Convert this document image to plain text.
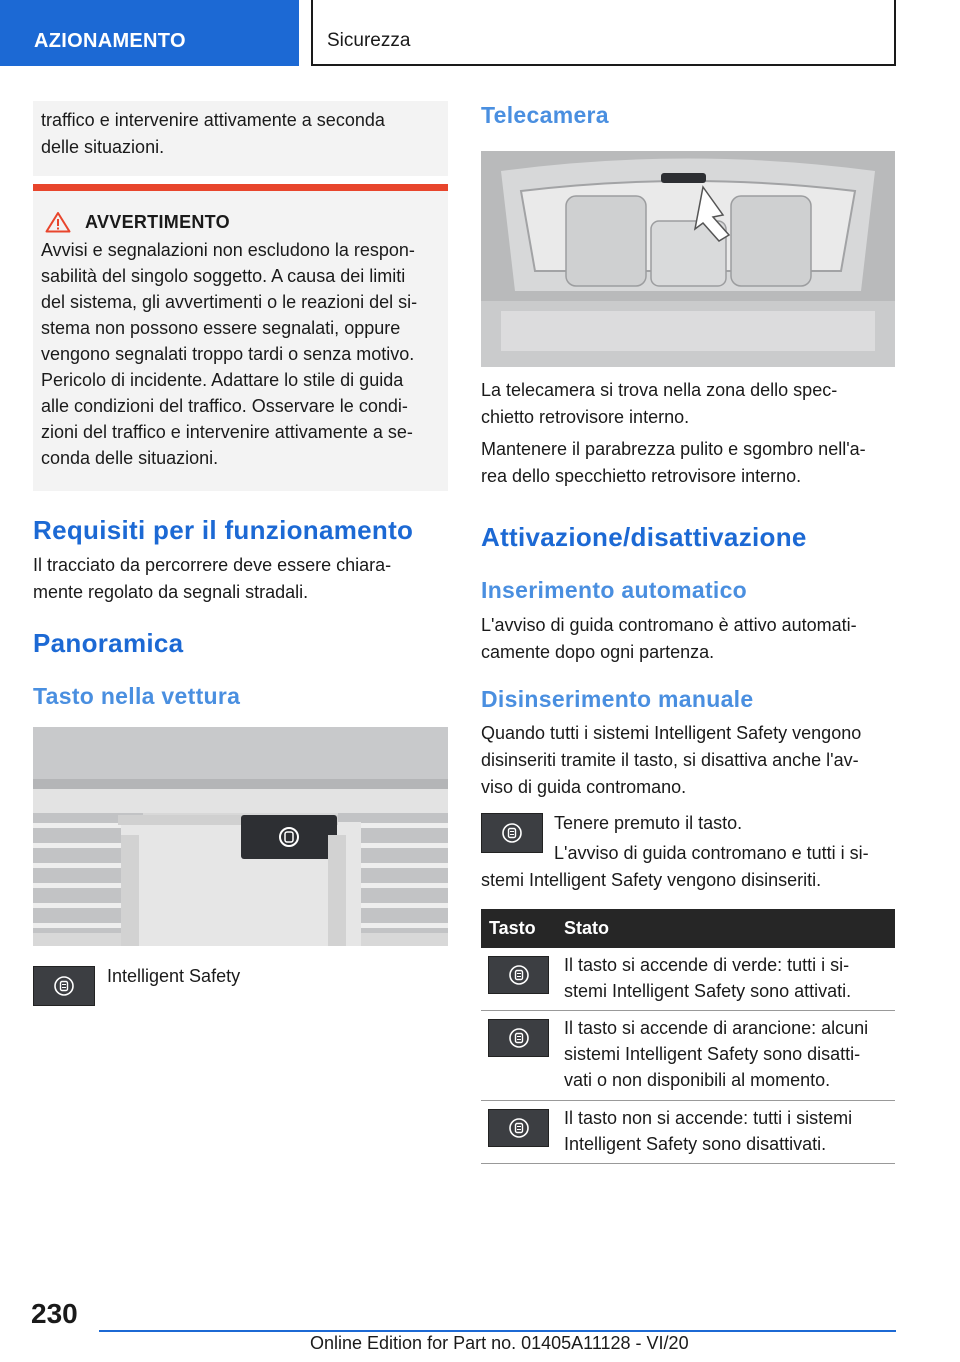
AZIONAMENTO	Sicurezza
traffico e intervenire attivamente a seconda
delle situazioni.
AVVERTIMENTO
Avvisi e segnalazioni non escludono la respon-
sabilità del singolo soggetto. A causa dei limiti
del sistema, gli avvertimenti o le reazioni del si-
stema non possono essere segnalati, oppure
vengono segnalati troppo tardi o senza motivo.
Pericolo di incidente. Adattare lo stile di guida
alle condizioni del traffico. Osservare le condi-
zioni del traffico e intervenire attivamente a se-
conda delle situazioni.
Requisiti per il funzionamento
Il tracciato da percorrere deve essere chiara-
mente regolato da segnali stradali.
Panoramica
Tasto nella vettura
Intelligent Safety
Telecamera
La telecamera si trova nella zona dello spec-
chietto retrovisore interno.
Mantenere il parabrezza pulito e sgombro nell'a-
rea dello specchietto retrovisore interno.
Attivazione/disattivazione
Inserimento automatico
L'avviso di guida contromano è attivo automati-
camente dopo ogni partenza.
Disinserimento manuale
Quando tutti i sistemi Intelligent Safety vengono
disinseriti tramite il tasto, si disattiva anche l'av-
viso di guida contromano.
Tenere premuto il tasto.
L'avviso di guida contromano e tutti i si-
stemi Intelligent Safety vengono disinseriti.
Tasto	Stato
Il tasto si accende di verde: tutti i si-
stemi Intelligent Safety sono attivati.
Il tasto si accende di arancione: alcuni
sistemi Intelligent Safety sono disatti-
vati o non disponibili al momento.
Il tasto non si accende: tutti i sistemi
Intelligent Safety sono disattivati.
230
Online Edition for Part no. 01405A11128 - VI/20
